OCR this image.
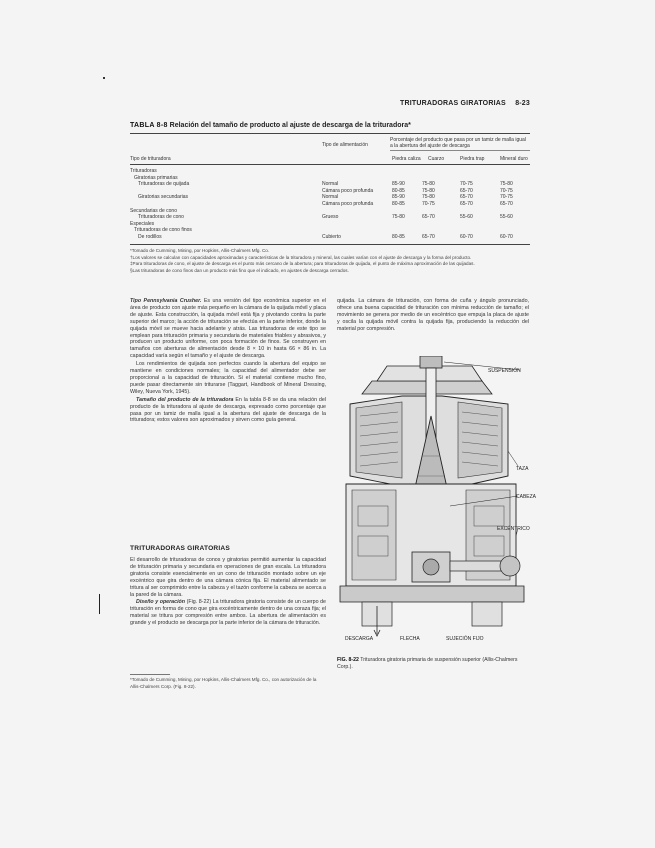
TRITURADORAS GIRATORIAS 8-23
TABLA 8-8 Relación del tamaño de producto al ajuste de descarga de la trituradora*
Tipo de alimentación
Porcentaje del producto que pasa por un tamiz de malla igual a la abertura del ajuste de descarga
Tipo de trituradora	Piedra caliza	Cuarzo	Piedra trap	Mineral duro
Trituradoras
Giratorias primarias
Trituradoras de quijada	Normal	85-90	75-80	70-75	75-80
Cámara poco profunda	80-85	75-80	65-70	70-75
Giratorias secundarias	Normal	85-90	75-80	65-70	70-75
Cámara poco profunda	80-85	70-75	65-70	65-70
Secundarias de cono
Trituradoras de cono	Grueso	75-80	65-70	55-60	55-60
Especiales
Trituradoras de cono finos
De rodillos	Cubierto	80-85	65-70	60-70	60-70
*Tomado de Cumming, Mining, por Hopkins, Allis-Chalmers Mfg. Co.
†Los valores se calculan con capacidades aproximadas y características de la trituradora y mineral, las cuales varían con el ajuste de descarga y la forma del producto.
‡Para trituradoras de cono, el ajuste de descarga es el punto más cercano de la abertura; para trituradoras de quijada, el punto de máxima aproximación de las quijadas.
§Las trituradoras de cono finos dan un producto más fino que el indicado, en ajustes de descarga cerrados.

Tipo Pennsylvania Crusher. Es una versión del tipo económica superior en el área de producto con ajuste más pequeño en la cámara de la quijada móvil y placa de ajuste. Esta construcción, la quijada móvil está fija y pivotando contra la parte superior del marco; la acción de trituración se efectúa en la parte inferior, donde la quijada móvil se mueve hacia adelante y atrás. Las trituradoras de este tipo se emplean para trituración primaria y secundaria de materiales friables y abrasivos, y producen un producto uniforme, con poca formación de finos. Se construyen en tamaños con aberturas de alimentación desde 8 × 10 in hasta 66 × 86 in. La capacidad varía según el tamaño y el ajuste de descarga.

Los rendimientos de quijada son perfectos cuando la abertura del equipo se mantiene en condiciones normales; la capacidad del alimentador debe ser proporcional a la capacidad de trituración. Si el material contiene mucho fino, puede pasar directamente sin triturarse (Taggart, Handbook of Mineral Dressing, Wiley, Nueva York, 1945).

Tamaño del producto de la trituradora En la tabla 8-8 se da una relación del producto de la trituradora al ajuste de descarga, expresado como porcentaje que pasa por un tamiz de malla igual a la abertura del ajuste de descarga de la trituradora; estos valores son aproximados y sirven como guía general.

TRITURADORAS GIRATORIAS

El desarrollo de trituradoras de conos y giratorias permitió aumentar la capacidad de trituración primaria y secundaria en operaciones de gran escala. La trituradora giratoria consiste esencialmente en un cono de trituración montado sobre un eje excéntrico que gira dentro de una cámara cónica fija. El material alimentado se tritura al ser comprimido entre la cabeza y el tazón conforme la cabeza se acerca a la pared de la cámara.

Diseño y operación (Fig. 8-22) La trituradora giratoria consiste de un cuerpo de trituración en forma de cono que gira excéntricamente dentro de una coraza fija; el material se tritura por compresión entre ambos. La abertura de alimentación es grande y el producto se descarga por la parte inferior de la cámara de trituración.

*Tomado de Cumming, Mining, por Hopkins, Allis-Chalmers Mfg. Co., con autorización de la Allis-Chalmers Corp. (Fig. 8-22).

quijada. La cámara de trituración, con forma de cuña y ángulo pronunciado, ofrece una buena capacidad de trituración con mínima reducción de tamaño; el movimiento se genera por medio de un excéntrico que empuja la placa de ajuste y oscila la quijada móvil contra la quijada fija, produciendo la reducción del material por compresión.

SUSPENSIÓN
TAZA
CABEZA
EXCÉNTRICO
DESCARGA	FLECHA	SUJECIÓN FIJO
FIG. 8-22 Trituradora giratoria primaria de suspensión superior (Allis-Chalmers Corp.).
